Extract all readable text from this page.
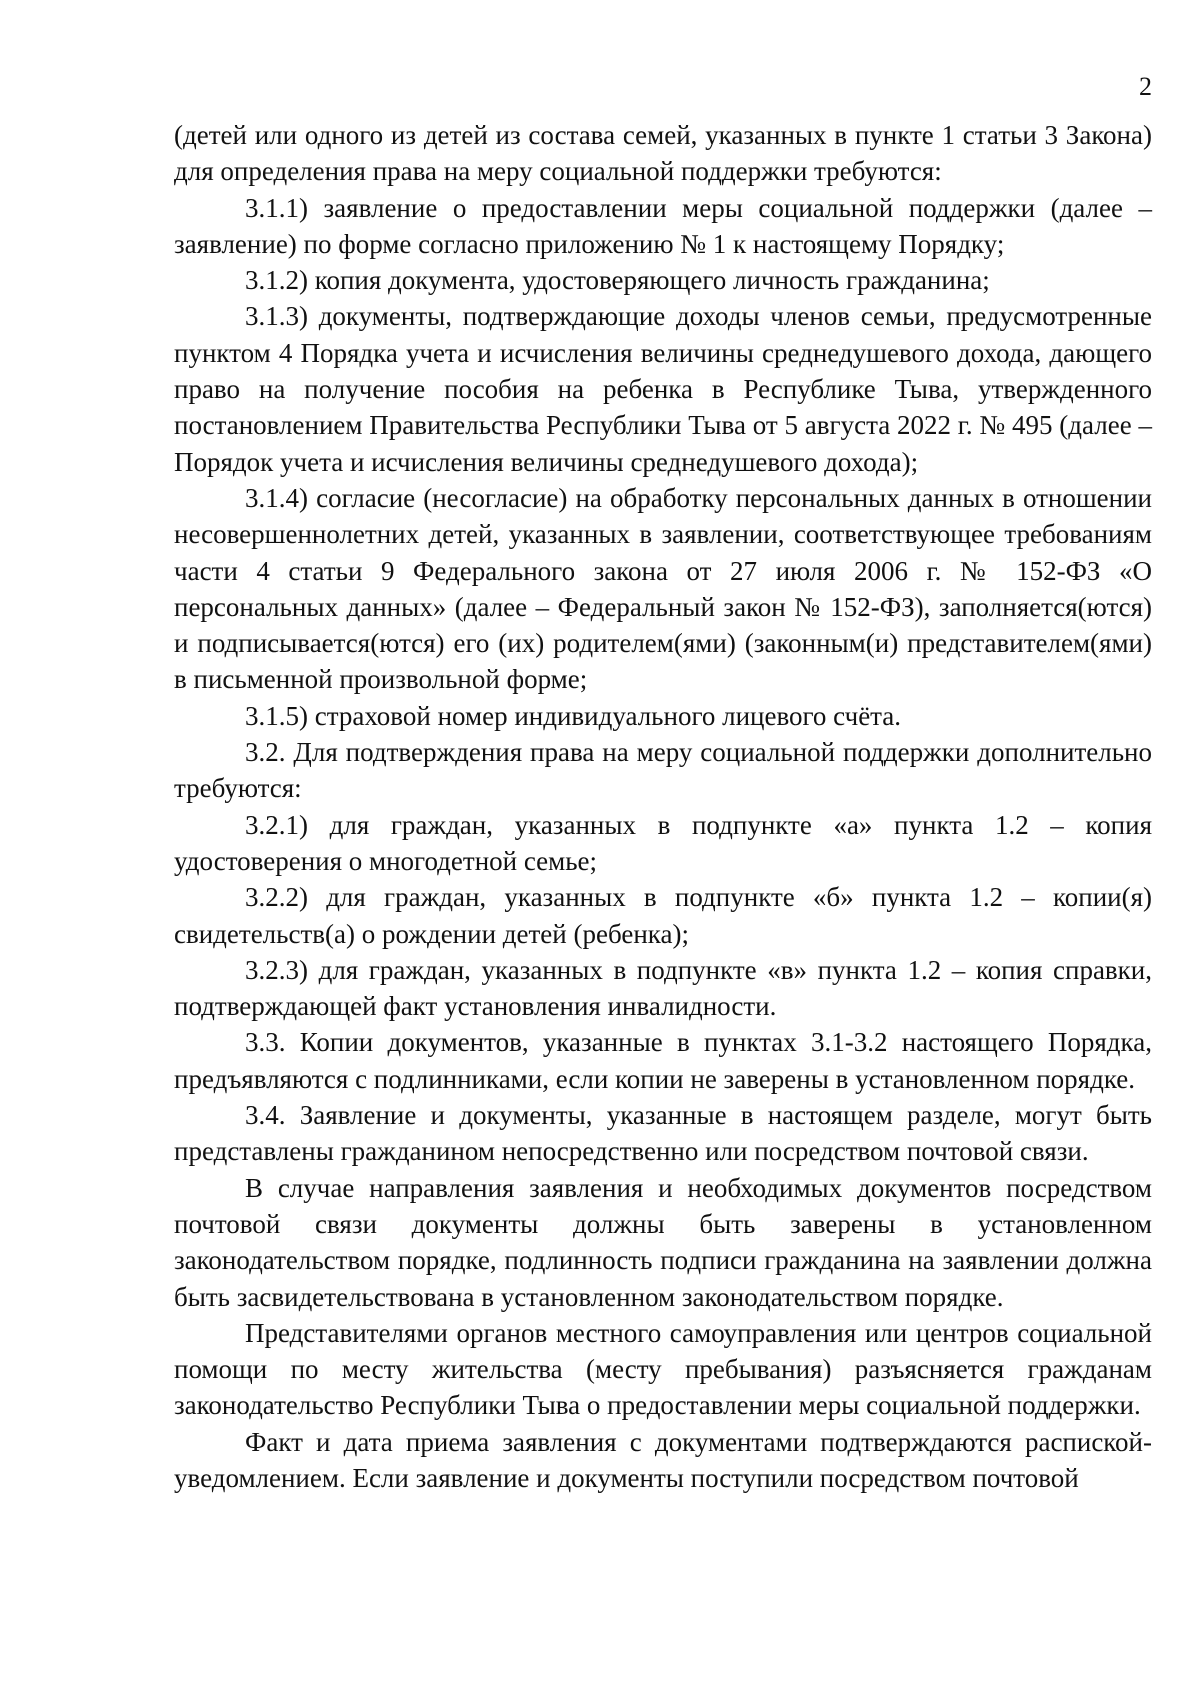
2

(детей или одного из детей из состава семей, указанных в пункте 1 статьи 3 Закона) для определения права на меру социальной поддержки требуются:

3.1.1) заявление о предоставлении меры социальной поддержки (далее – заявление) по форме согласно приложению № 1 к настоящему Порядку;

3.1.2) копия документа, удостоверяющего личность гражданина;

3.1.3) документы, подтверждающие доходы членов семьи, предусмотренные пунктом 4 Порядка учета и исчисления величины среднедушевого дохода, дающего право на получение пособия на ребенка в Республике Тыва, утвержденного постановлением Правительства Республики Тыва от 5 августа 2022 г. № 495 (далее – Порядок учета и исчисления величины среднедушевого дохода);

3.1.4) согласие (несогласие) на обработку персональных данных в отношении несовершеннолетних детей, указанных в заявлении, соответствующее требованиям части 4 статьи 9 Федерального закона от 27 июля 2006 г. № 152-ФЗ «О персональных данных» (далее – Федеральный закон № 152-ФЗ), заполняется(ются) и подписывается(ются) его (их) родителем(ями) (законным(и) представителем(ями) в письменной произвольной форме;

3.1.5) страховой номер индивидуального лицевого счёта.

3.2. Для подтверждения права на меру социальной поддержки дополнительно требуются:

3.2.1) для граждан, указанных в подпункте «а» пункта 1.2 – копия удостоверения о многодетной семье;

3.2.2) для граждан, указанных в подпункте «б» пункта 1.2 – копии(я) свидетельств(а) о рождении детей (ребенка);

3.2.3) для граждан, указанных в подпункте «в» пункта 1.2 – копия справки, подтверждающей факт установления инвалидности.

3.3. Копии документов, указанные в пунктах 3.1-3.2 настоящего Порядка, предъявляются с подлинниками, если копии не заверены в установленном порядке.

3.4. Заявление и документы, указанные в настоящем разделе, могут быть представлены гражданином непосредственно или посредством почтовой связи.

В случае направления заявления и необходимых документов посредством почтовой связи документы должны быть заверены в установленном законодательством порядке, подлинность подписи гражданина на заявлении должна быть засвидетельствована в установленном законодательством порядке.

Представителями органов местного самоуправления или центров социальной помощи по месту жительства (месту пребывания) разъясняется гражданам законодательство Республики Тыва о предоставлении меры социальной поддержки.

Факт и дата приема заявления с документами подтверждаются распиской-уведомлением. Если заявление и документы поступили посредством почтовой
